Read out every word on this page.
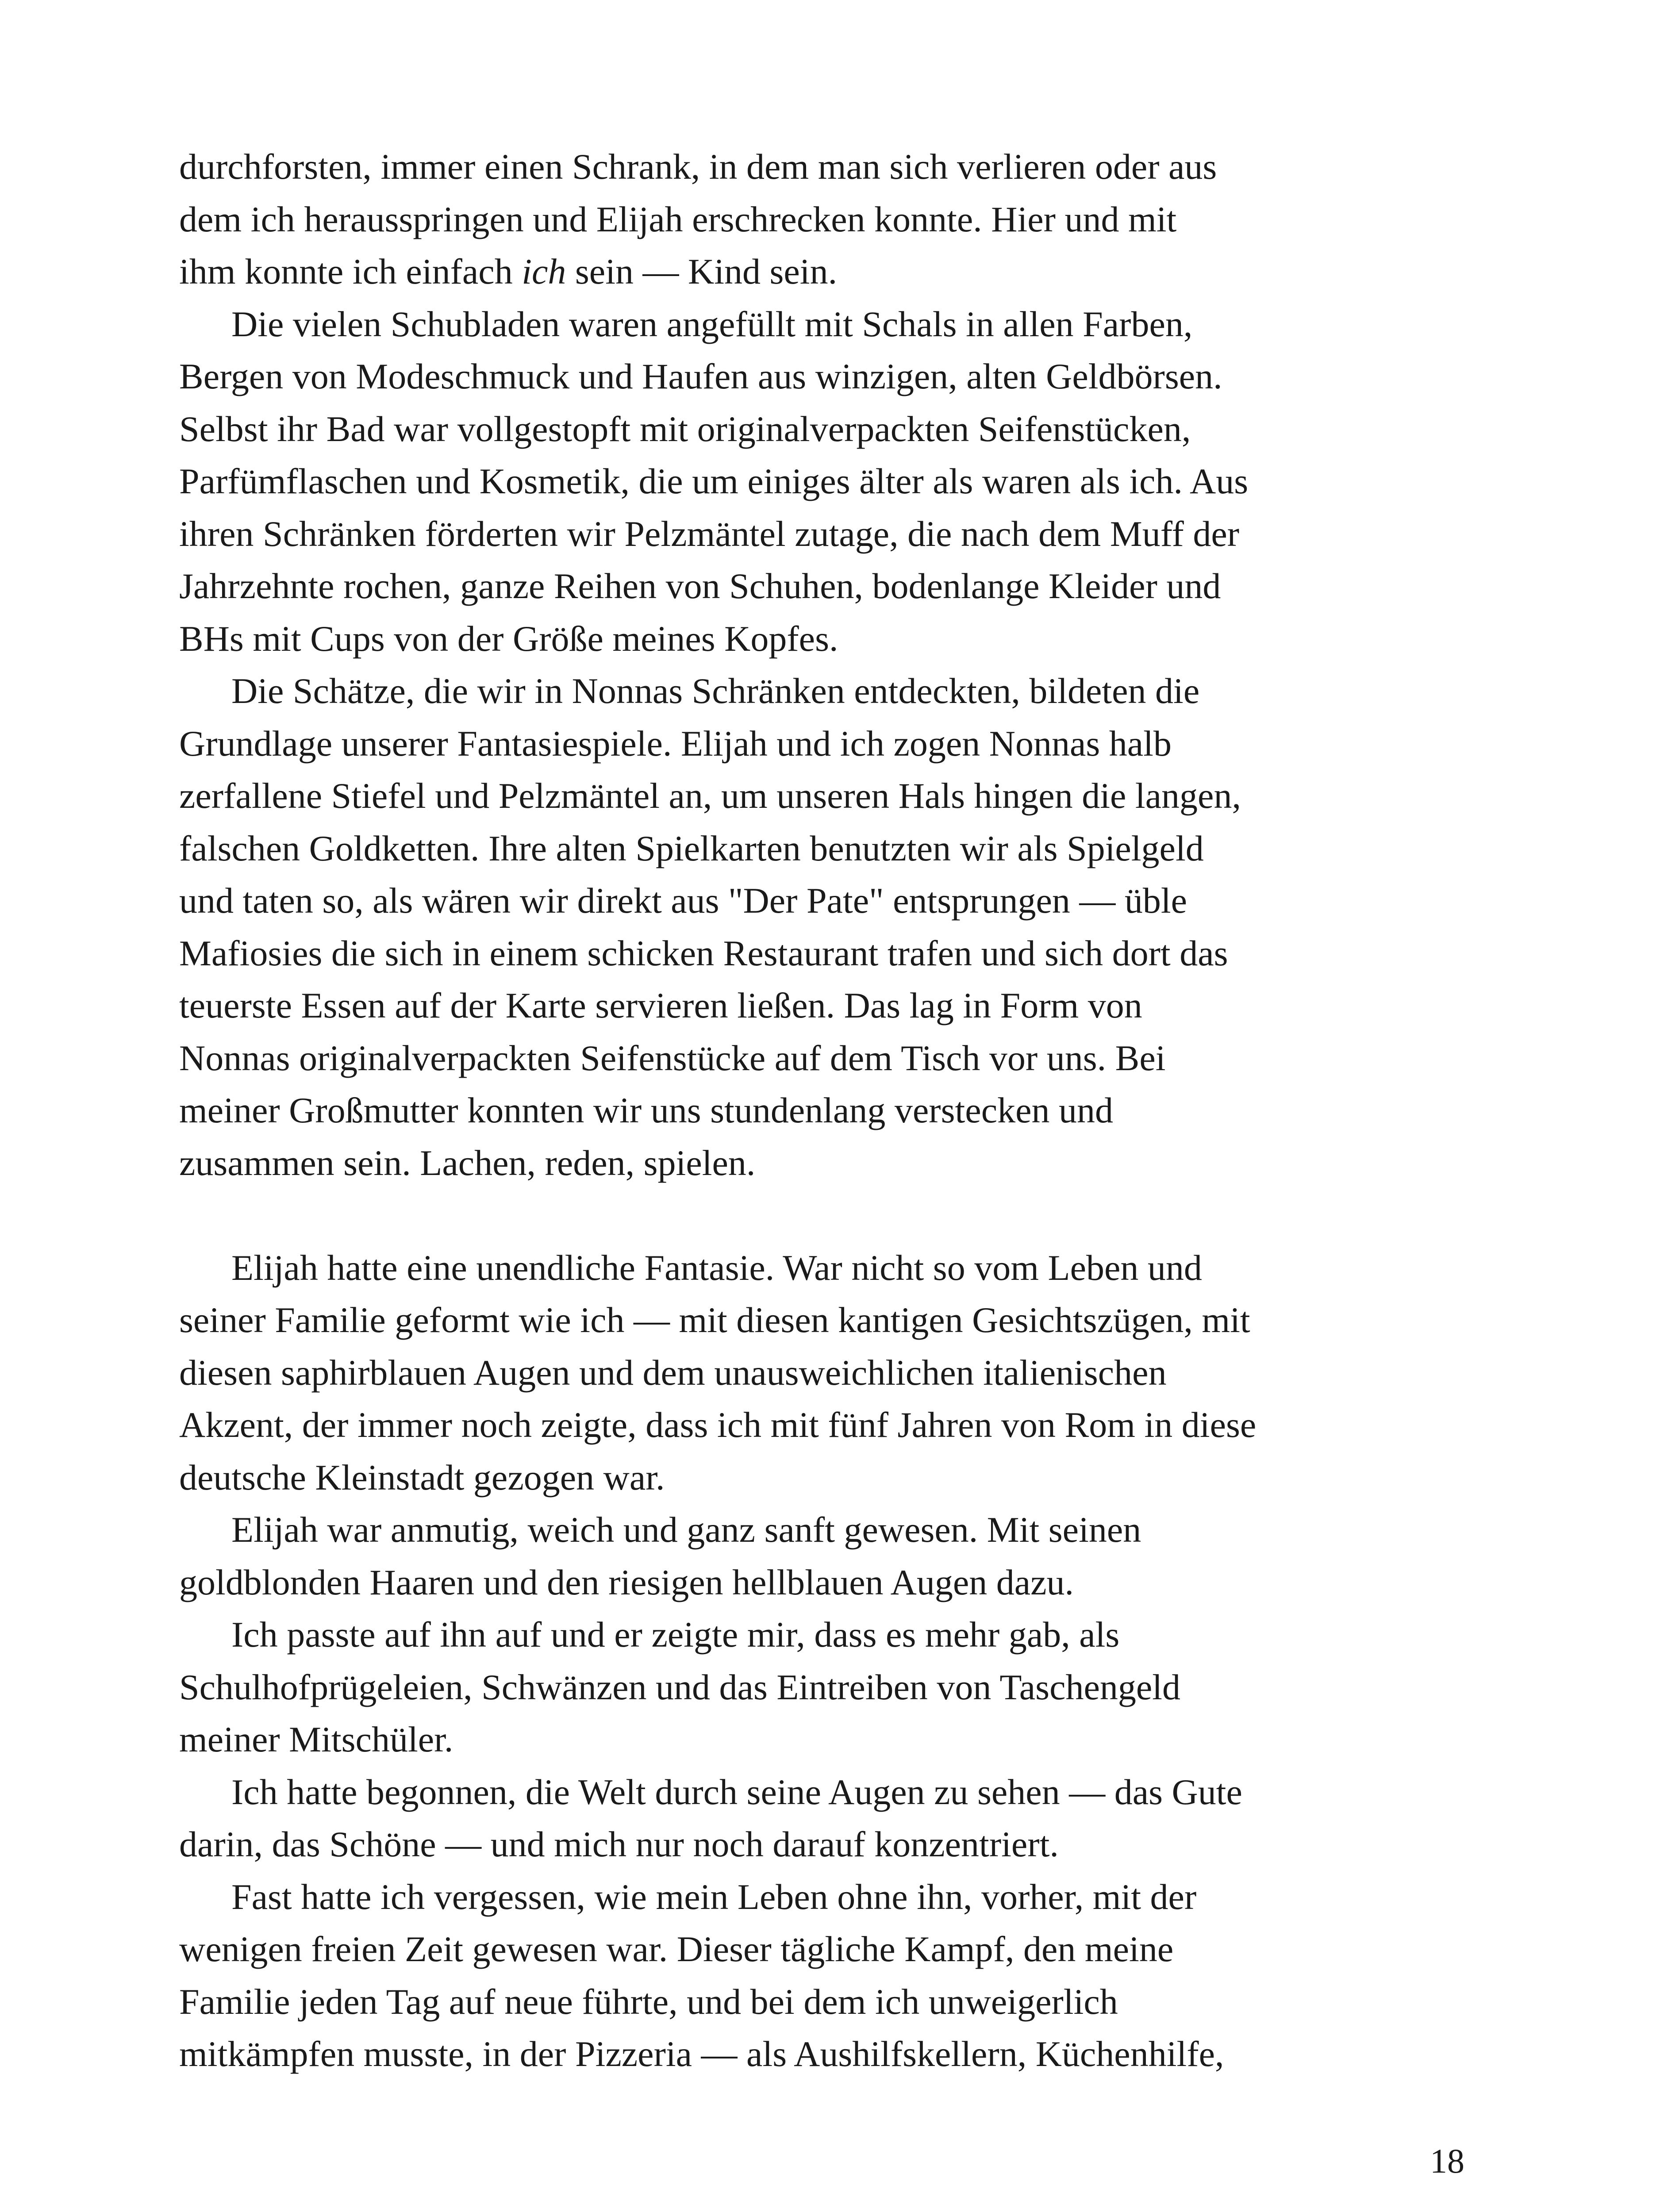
durchforsten, immer einen Schrank, in dem man sich verlieren oder aus

dem ich herausspringen und Elijah erschrecken konnte. Hier und mit

ihm konnte ich einfach ich sein — Kind sein.

Die vielen Schubladen waren angefüllt mit Schals in allen Farben,

Bergen von Modeschmuck und Haufen aus winzigen, alten Geldbörsen.

Selbst ihr Bad war vollgestopft mit originalverpackten Seifenstücken,

Parfümflaschen und Kosmetik, die um einiges älter als waren als ich. Aus

ihren Schränken förderten wir Pelzmäntel zutage, die nach dem Muff der

Jahrzehnte rochen, ganze Reihen von Schuhen, bodenlange Kleider und

BHs mit Cups von der Größe meines Kopfes.

Die Schätze, die wir in Nonnas Schränken entdeckten, bildeten die

Grundlage unserer Fantasiespiele. Elijah und ich zogen Nonnas halb

zerfallene Stiefel und Pelzmäntel an, um unseren Hals hingen die langen,

falschen Goldketten. Ihre alten Spielkarten benutzten wir als Spielgeld

und taten so, als wären wir direkt aus "Der Pate" entsprungen — üble

Mafiosies die sich in einem schicken Restaurant trafen und sich dort das

teuerste Essen auf der Karte servieren ließen. Das lag in Form von

Nonnas originalverpackten Seifenstücke auf dem Tisch vor uns. Bei

meiner Großmutter konnten wir uns stundenlang verstecken und

zusammen sein. Lachen, reden, spielen.

Elijah hatte eine unendliche Fantasie. War nicht so vom Leben und

seiner Familie geformt wie ich — mit diesen kantigen Gesichtszügen, mit

diesen saphirblauen Augen und dem unausweichlichen italienischen

Akzent, der immer noch zeigte, dass ich mit fünf Jahren von Rom in diese

deutsche Kleinstadt gezogen war.

Elijah war anmutig, weich und ganz sanft gewesen. Mit seinen

goldblonden Haaren und den riesigen hellblauen Augen dazu.

Ich passte auf ihn auf und er zeigte mir, dass es mehr gab, als

Schulhofprügeleien, Schwänzen und das Eintreiben von Taschengeld

meiner Mitschüler.

Ich hatte begonnen, die Welt durch seine Augen zu sehen — das Gute

darin, das Schöne — und mich nur noch darauf konzentriert.

Fast hatte ich vergessen, wie mein Leben ohne ihn, vorher, mit der

wenigen freien Zeit gewesen war. Dieser tägliche Kampf, den meine

Familie jeden Tag auf neue führte, und bei dem ich unweigerlich

mitkämpfen musste, in der Pizzeria — als Aushilfskellern, Küchenhilfe,

18
